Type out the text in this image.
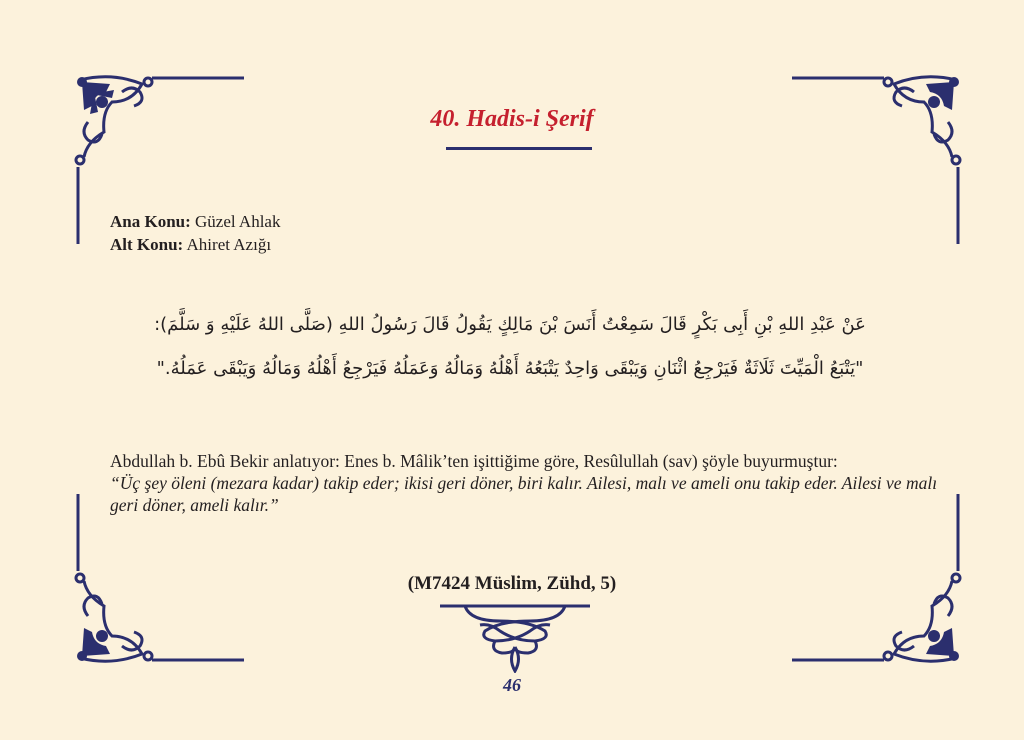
40. Hadis-i Şerif
Ana Konu: Güzel Ahlak
Alt Konu: Ahiret Azığı
عَنْ عَبْدِ اللهِ بْنِ أَبِى بَكْرٍ قَالَ سَمِعْتُ أَنَسَ بْنَ مَالِكٍ يَقُولُ قَالَ رَسُولُ اللهِ (صَلَّى اللهُ عَلَيْهِ وَ سَلَّمَ):
"يَتْبَعُ الْمَيِّتَ ثَلَاثَةٌ فَيَرْجِعُ اثْنَانِ وَيَبْقَى وَاحِدٌ يَتْبَعُهُ أَهْلُهُ وَمَالُهُ وَعَمَلُهُ فَيَرْجِعُ أَهْلُهُ وَمَالُهُ وَيَبْقَى عَمَلُهُ."
Abdullah b. Ebû Bekir anlatıyor: Enes b. Mâlik’ten işittiğime göre, Resûlullah (sav) şöyle buyurmuştur:
“Üç şey öleni (mezara kadar) takip eder; ikisi geri döner, biri kalır. Ailesi, malı ve ameli onu takip eder. Ailesi ve malı geri döner, ameli kalır.”
(M7424 Müslim, Zühd, 5)
46
